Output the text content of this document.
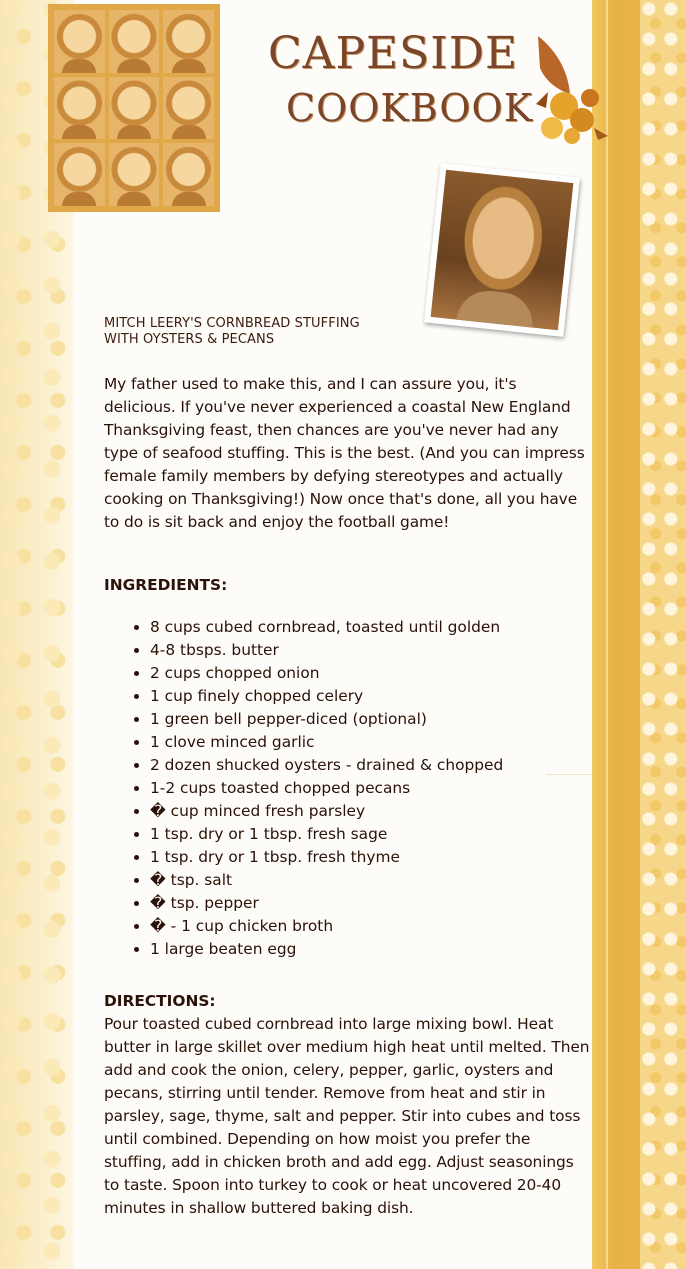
CAPESIDE
COOKBOOK
MITCH LEERY'S CORNBREAD STUFFING
WITH OYSTERS & PECANS

My father used to make this, and I can assure you, it's delicious. If you've never experienced a coastal New England Thanksgiving feast, then chances are you've never had any type of seafood stuffing. This is the best. (And you can impress female family members by defying stereotypes and actually cooking on Thanksgiving!) Now once that's done, all you have to do is sit back and enjoy the football game!

INGREDIENTS:
• 8 cups cubed cornbread, toasted until golden
• 4-8 tbsps. butter
• 2 cups chopped onion
• 1 cup finely chopped celery
• 1 green bell pepper-diced (optional)
• 1 clove minced garlic
• 2 dozen shucked oysters - drained & chopped
• 1-2 cups toasted chopped pecans
• � cup minced fresh parsley
• 1 tsp. dry or 1 tbsp. fresh sage
• 1 tsp. dry or 1 tbsp. fresh thyme
• � tsp. salt
• � tsp. pepper
• � - 1 cup chicken broth
• 1 large beaten egg
DIRECTIONS:

Pour toasted cubed cornbread into large mixing bowl. Heat butter in large skillet over medium high heat until melted. Then add and cook the onion, celery, pepper, garlic, oysters and pecans, stirring until tender. Remove from heat and stir in parsley, sage, thyme, salt and pepper. Stir into cubes and toss until combined. Depending on how moist you prefer the stuffing, add in chicken broth and add egg. Adjust seasonings to taste. Spoon into turkey to cook or heat uncovered 20-40 minutes in shallow buttered baking dish.
